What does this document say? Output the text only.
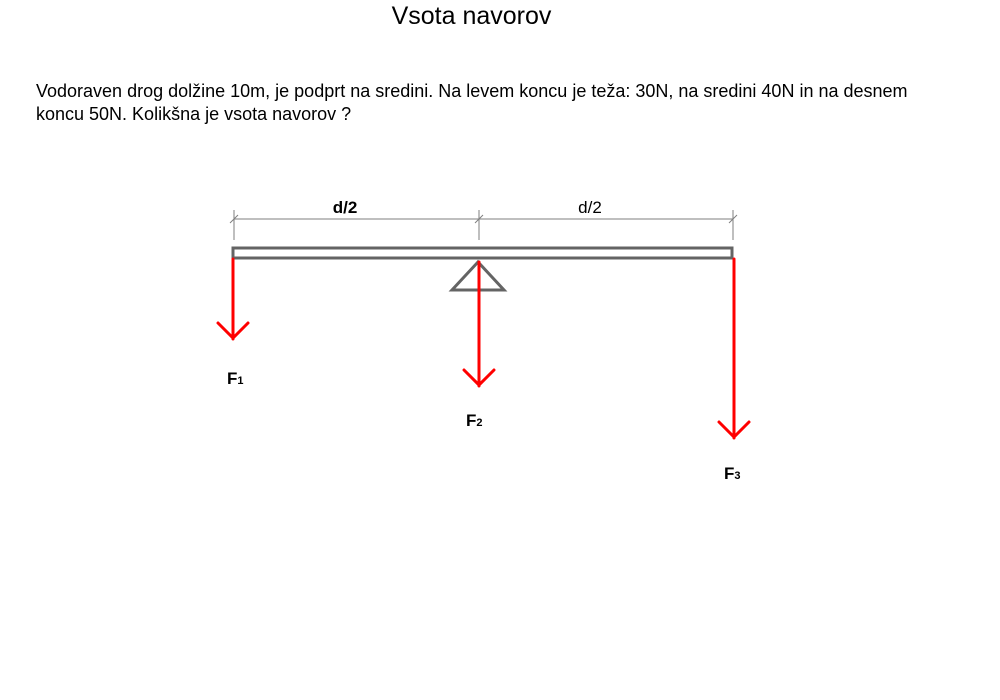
Vsota navorov
Vodoraven drog dolžine 10m, je podprt na sredini. Na levem koncu je teža: 30N, na sredini 40N in na desnem
koncu 50N. Kolikšna je vsota navorov ?
d/2	d/2
F1
F2
F3
